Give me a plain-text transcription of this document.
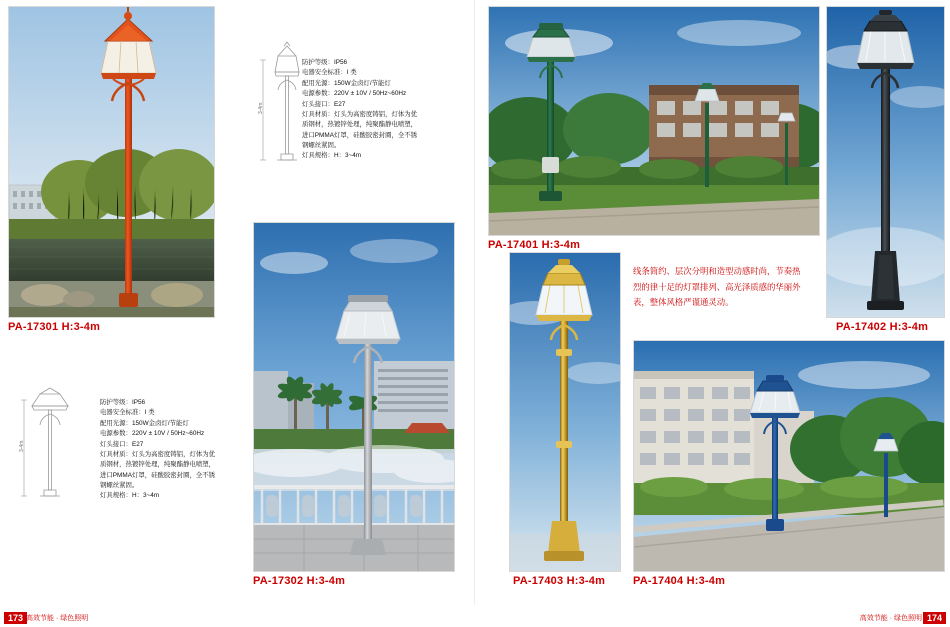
PA-17301 H:3-4m
3-4m
防护等级：IP56
电器安全标准：I 类
配用光源：150W金卤灯/节能灯
电源参数：220V ± 10V / 50Hz~60Hz
灯头接口：E27
灯具材质：灯头为高密度铸铝，灯体为优质钢材，热镀锌处理，纯聚酯静电喷塑，进口PMMA灯罩，硅酸胶密封圈，全不锈钢螺丝紧固。
灯具规格：H：3~4m
3-4m
防护等级：IP56
电器安全标准：I 类
配用光源：150W金卤灯/节能灯
电源参数：220V ± 10V / 50Hz~60Hz
灯头接口：E27
灯具材质：灯头为高密度铸铝，灯体为优质钢材，热镀锌处理，纯聚酯静电喷塑，进口PMMA灯罩，硅酸胶密封圈，全不锈钢螺丝紧固。
灯具规格：H：3~4m
PA-17302 H:3-4m
PA-17401 H:3-4m
PA-17402 H:3-4m
线条简约、层次分明和造型动感时尚，节奏热烈的律十足的灯罩排列、高光泽质感的华丽外表，整体风格严谨通灵动。
PA-17403 H:3-4m	PA-17404 H:3-4m
173 高效节能 · 绿色照明	174
高效节能 · 绿色照明
